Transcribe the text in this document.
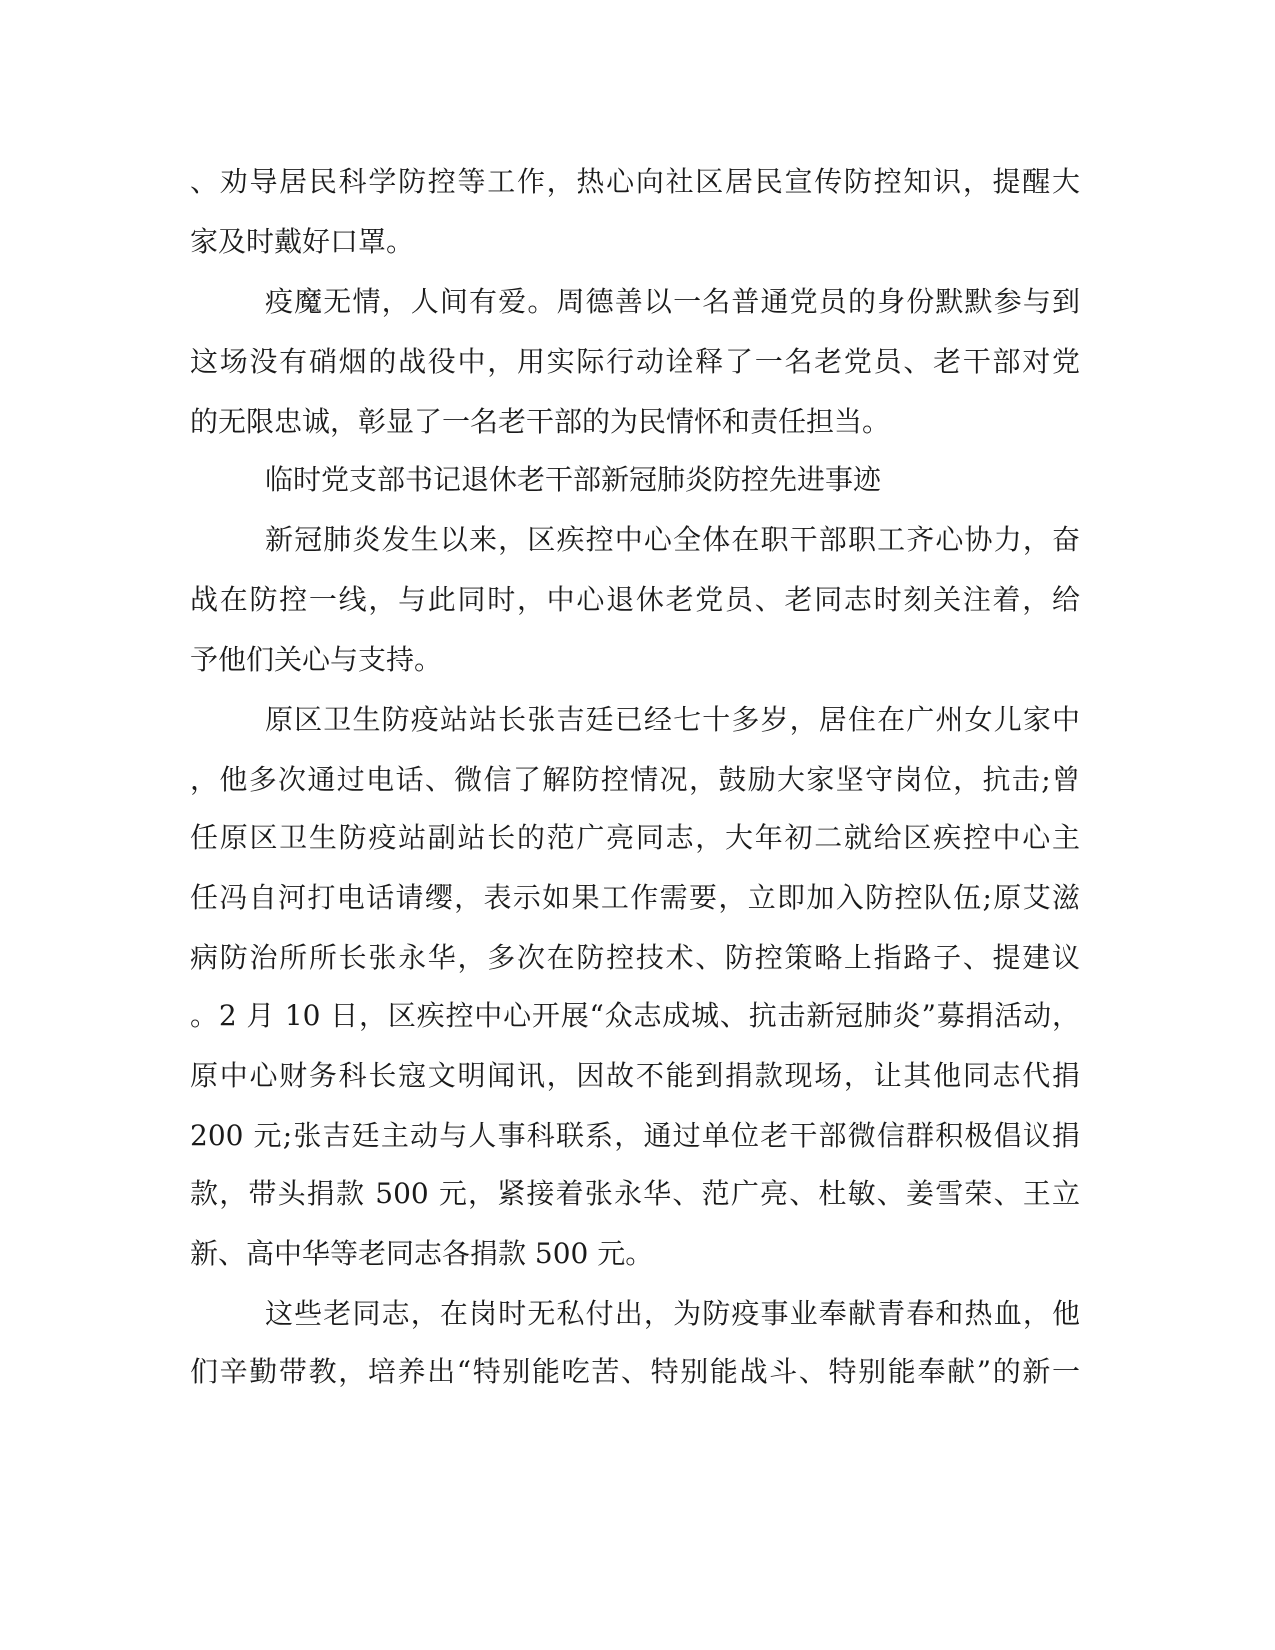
、劝导居民科学防控等工作，热心向社区居民宣传防控知识，提醒大
家及时戴好口罩。
疫魔无情，人间有爱。周德善以一名普通党员的身份默默参与到
这场没有硝烟的战役中，用实际行动诠释了一名老党员、老干部对党
的无限忠诚，彰显了一名老干部的为民情怀和责任担当。
临时党支部书记退休老干部新冠肺炎防控先进事迹
新冠肺炎发生以来，区疾控中心全体在职干部职工齐心协力，奋
战在防控一线，与此同时，中心退休老党员、老同志时刻关注着，给
予他们关心与支持。
原区卫生防疫站站长张吉廷已经七十多岁，居住在广州女儿家中
，他多次通过电话、微信了解防控情况，鼓励大家坚守岗位，抗击;曾
任原区卫生防疫站副站长的范广亮同志，大年初二就给区疾控中心主
任冯自河打电话请缨，表示如果工作需要，立即加入防控队伍;原艾滋
病防治所所长张永华，多次在防控技术、防控策略上指路子、提建议
。2 月 10 日，区疾控中心开展“众志成城、抗击新冠肺炎”募捐活动，
原中心财务科长寇文明闻讯，因故不能到捐款现场，让其他同志代捐
200 元;张吉廷主动与人事科联系，通过单位老干部微信群积极倡议捐
款，带头捐款 500 元，紧接着张永华、范广亮、杜敏、姜雪荣、王立
新、高中华等老同志各捐款 500 元。
这些老同志，在岗时无私付出，为防疫事业奉献青春和热血，他
们辛勤带教，培养出“特别能吃苦、特别能战斗、特别能奉献”的新一
